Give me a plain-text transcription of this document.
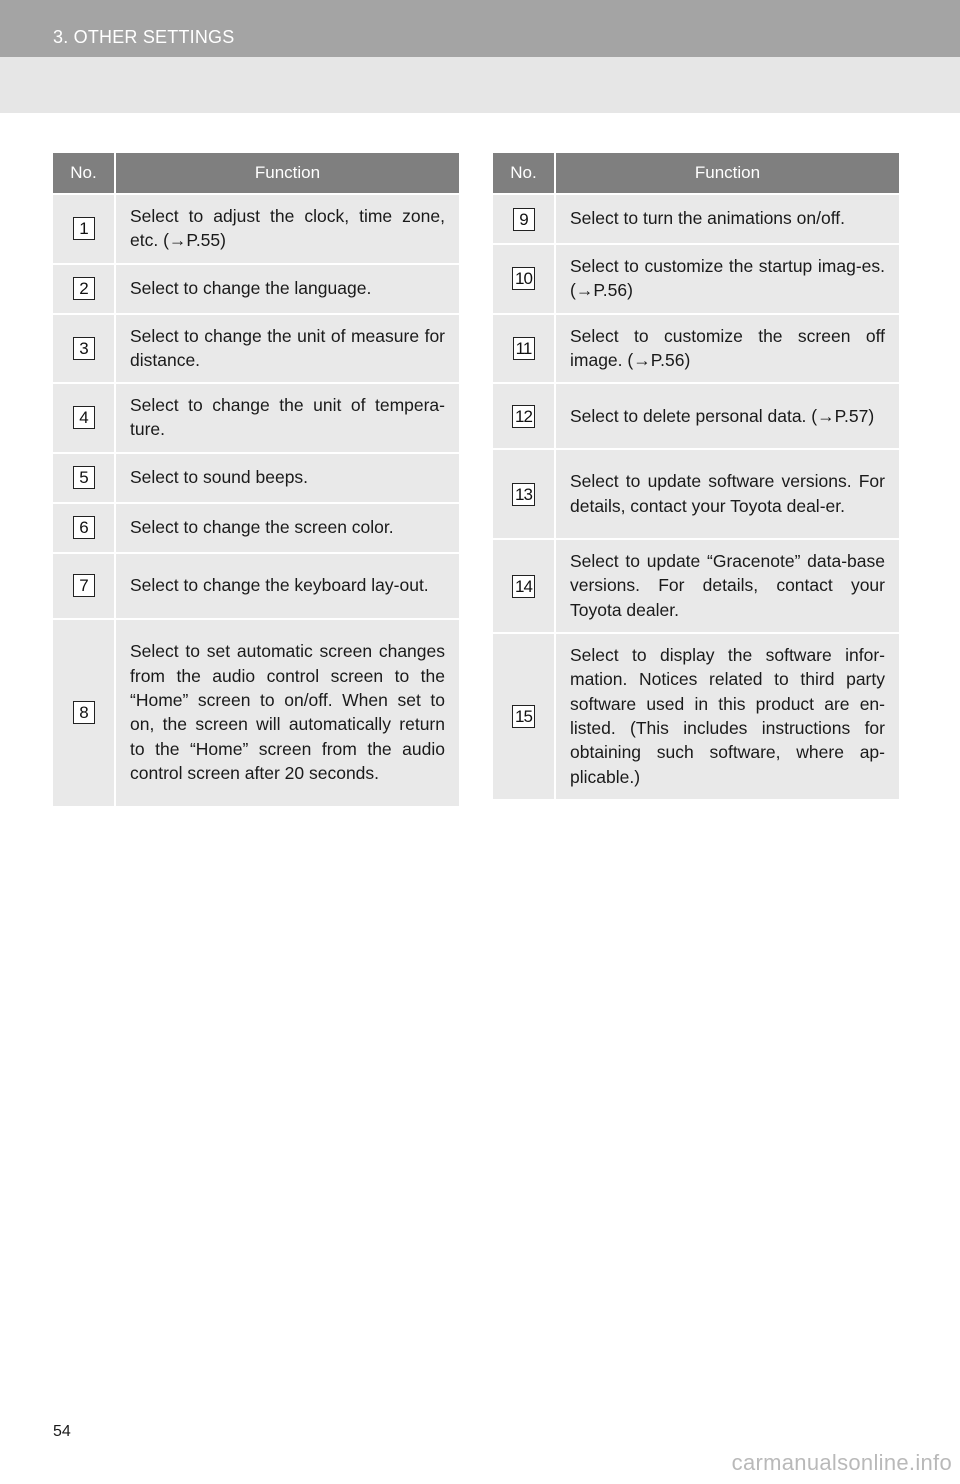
3. OTHER SETTINGS
No.	Function
1	Select to adjust the clock, time zone, etc. (→P.55)
2	Select to change the language.
3	Select to change the unit of measure for distance.
4	Select to change the unit of tempera-ture.
5	Select to sound beeps.
6	Select to change the screen color.
7	Select to change the keyboard lay-out.
8	Select to set automatic screen changes from the audio control screen to the “Home” screen to on/off. When set to on, the screen will automatically return to the “Home” screen from the audio control screen after 20 seconds.
No.	Function
9	Select to turn the animations on/off.
10	Select to customize the startup imag-es. (→P.56)
11	Select to customize the screen off image. (→P.56)
12	Select to delete personal data. (→P.57)
13	Select to update software versions. For details, contact your Toyota deal-er.
14	Select to update “Gracenote” data-base versions. For details, contact your Toyota dealer.
15	Select to display the software infor-mation. Notices related to third party software used in this product are en-listed. (This includes instructions for obtaining such software, where ap-plicable.)
54
carmanualsonline.info
